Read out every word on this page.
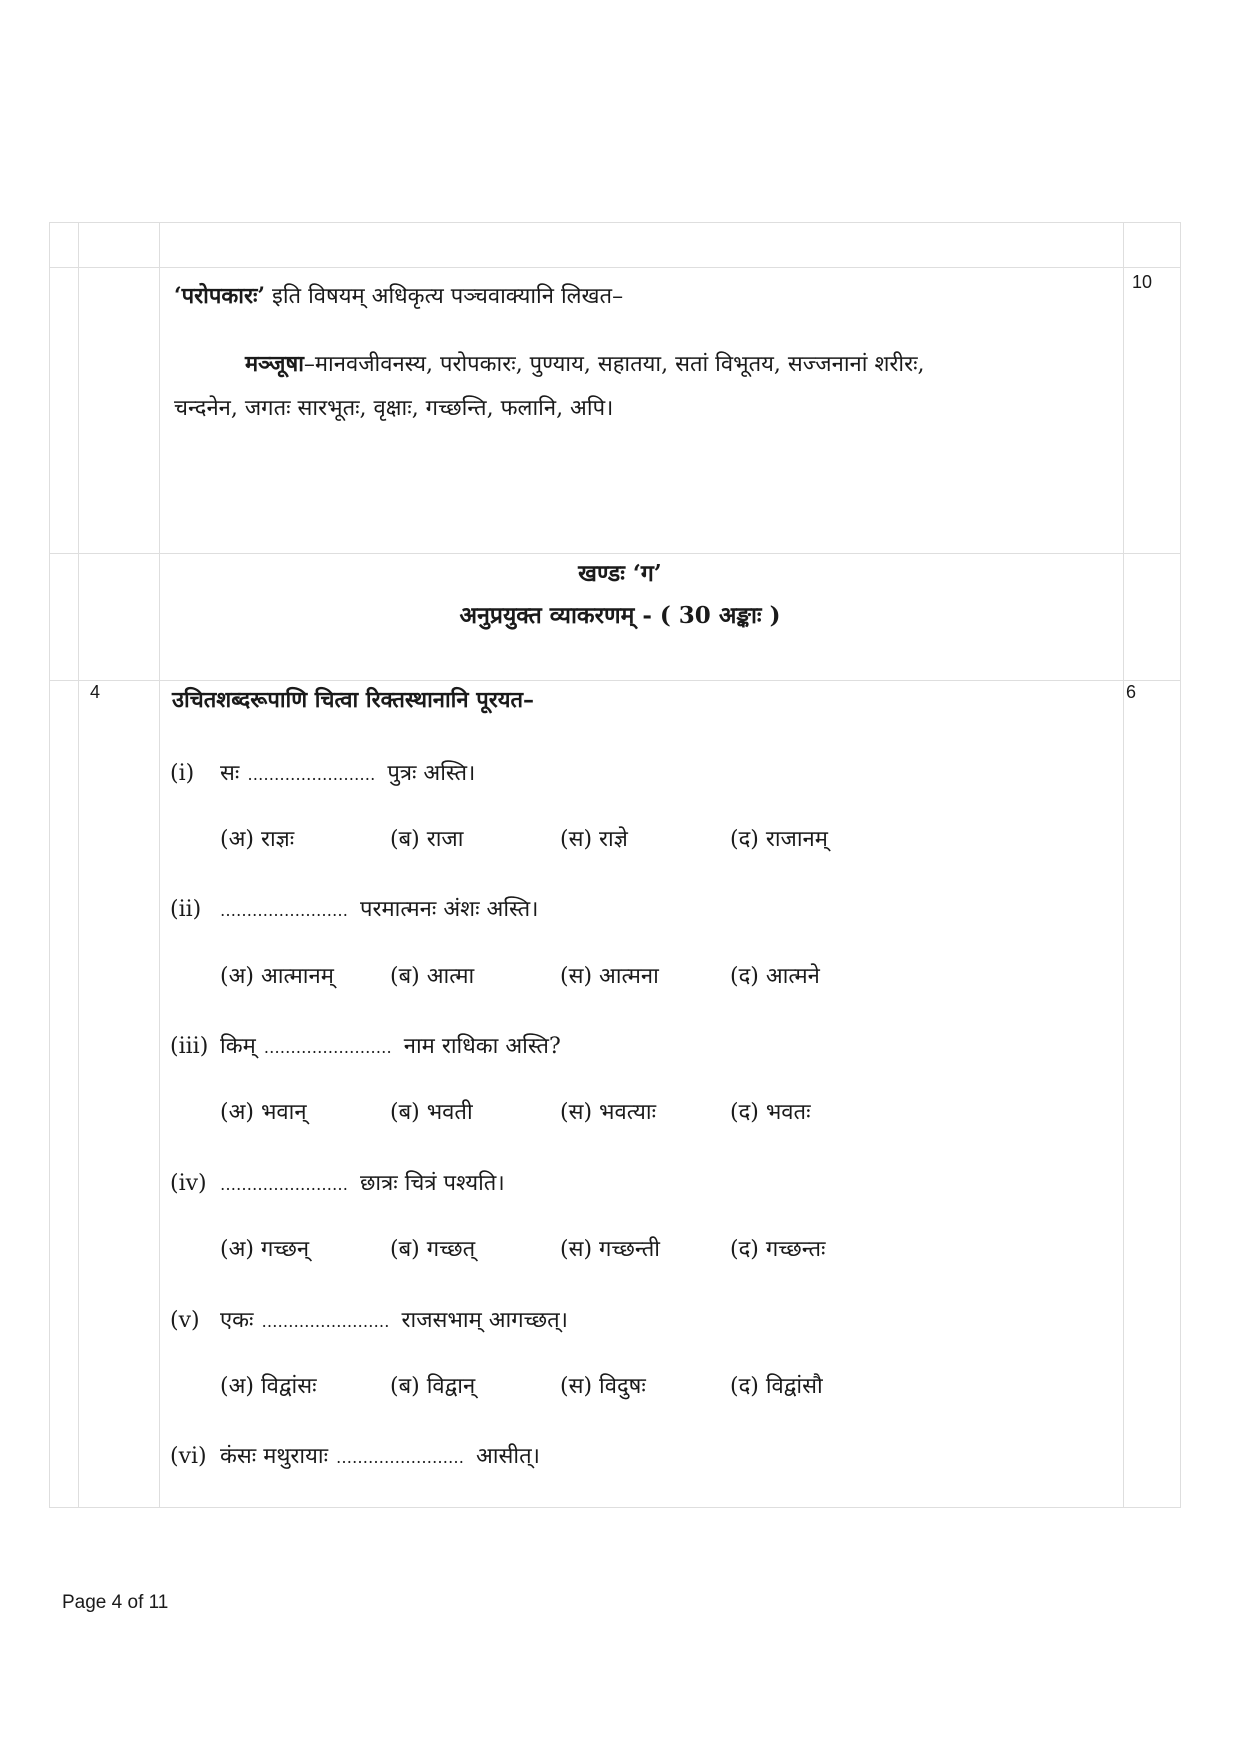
10
‘परोपकारः’ इति विषयम् अधिकृत्य पञ्चवाक्यानि लिखत–
मञ्जूषा–मानवजीवनस्य, परोपकारः, पुण्याय, सहातया, सतां विभूतय, सज्जनानां शरीरः,
चन्दनेन, जगतः सारभूतः, वृक्षाः, गच्छन्ति, फलानि, अपि।
खण्डः ‘ग’
अनुप्रयुक्त व्याकरणम् - ( 30 अङ्काः )
4	6
उचितशब्दरूपाणि चित्वा रिक्तस्थानानि पूरयत–
(i) सः …………………… पुत्रः अस्ति।
(अ) राज्ञः	(ब) राजा	(स) राज्ञे	(द) राजानम्
(ii) …………………… परमात्मनः अंशः अस्ति।
(अ) आत्मानम्	(ब) आत्मा	(स) आत्मना	(द) आत्मने
(iii) किम् …………………… नाम राधिका अस्ति?
(अ) भवान्	(ब) भवती	(स) भवत्याः	(द) भवतः
(iv) …………………… छात्रः चित्रं पश्यति।
(अ) गच्छन्	(ब) गच्छत्	(स) गच्छन्ती	(द) गच्छन्तः
(v) एकः …………………… राजसभाम् आगच्छत्।
(अ) विद्वांसः	(ब) विद्वान्	(स) विदुषः	(द) विद्वांसौ
(vi) कंसः मथुरायाः …………………… आसीत्।
Page 4 of 11
